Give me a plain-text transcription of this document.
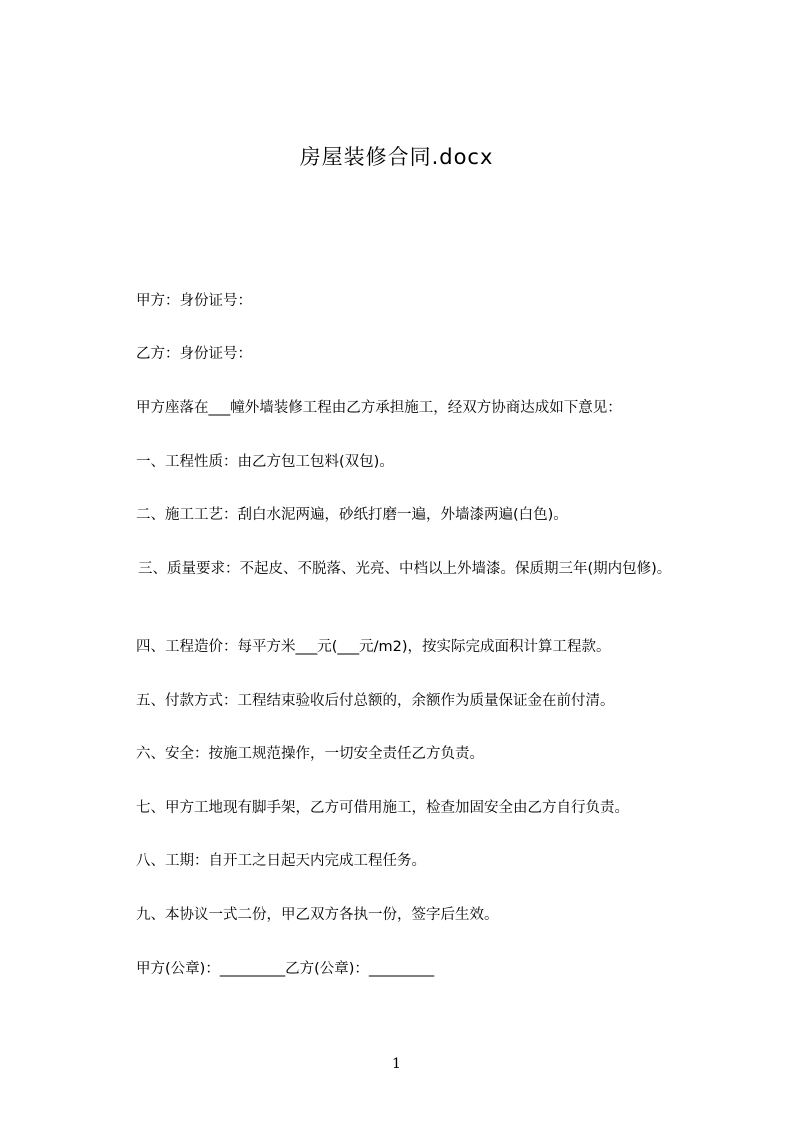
房屋装修合同.docx
甲方：身份证号：
乙方：身份证号：
甲方座落在___幢外墙装修工程由乙方承担施工，经双方协商达成如下意见：
一、工程性质：由乙方包工包料(双包)。
二、施工工艺：刮白水泥两遍，砂纸打磨一遍，外墙漆两遍(白色)。
三、质量要求：不起皮、不脱落、光亮、中档以上外墙漆。保质期三年(期内包修)。
四、工程造价：每平方米___元(___元/m2)，按实际完成面积计算工程款。
五、付款方式：工程结束验收后付总额的，余额作为质量保证金在前付清。
六、安全：按施工规范操作，一切安全责任乙方负责。
七、甲方工地现有脚手架，乙方可借用施工，检查加固安全由乙方自行负责。
八、工期：自开工之日起天内完成工程任务。
九、本协议一式二份，甲乙双方各执一份，签字后生效。
甲方(公章)：_________乙方(公章)：_________
1
